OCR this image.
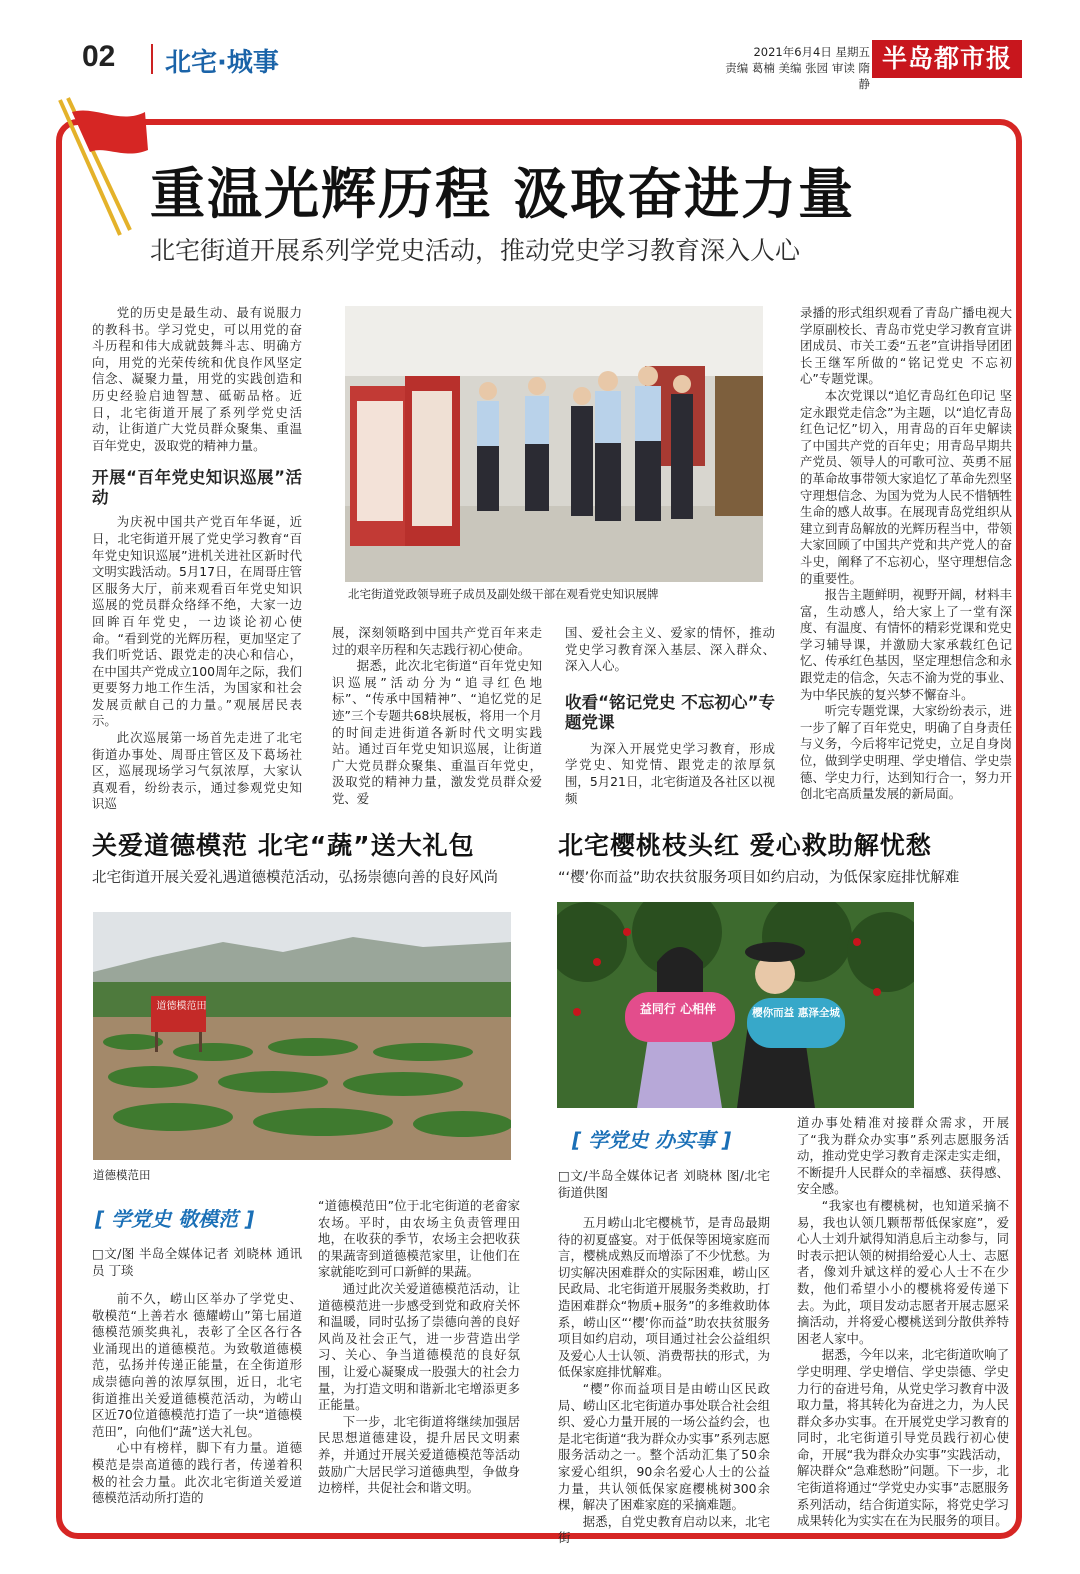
02 北宅·城事	2021年6月4日 星期五
责编 葛楠 美编 张园 审读 隋静
半岛都市报
重温光辉历程 汲取奋进力量
北宅街道开展系列学党史活动，推动党史学习教育深入人心

党的历史是最生动、最有说服力的教科书。学习党史，可以用党的奋斗历程和伟大成就鼓舞斗志、明确方向，用党的光荣传统和优良作风坚定信念、凝聚力量，用党的实践创造和历史经验启迪智慧、砥砺品格。近日，北宅街道开展了系列学党史活动，让街道广大党员群众聚集、重温百年党史，汲取党的精神力量。

开展“百年党史知识巡展”活动

为庆祝中国共产党百年华诞，近日，北宅街道开展了党史学习教育“百年党史知识巡展”进机关进社区新时代文明实践活动。5月17日，在周哥庄管区服务大厅，前来观看百年党史知识巡展的党员群众络绎不绝，大家一边回眸百年党史，一边谈论初心使命。“看到党的光辉历程，更加坚定了我们听党话、跟党走的决心和信心，在中国共产党成立100周年之际，我们更要努力地工作生活，为国家和社会发展贡献自己的力量。”观展居民表示。

此次巡展第一场首先走进了北宅街道办事处、周哥庄管区及下葛场社区，巡展现场学习气氛浓厚，大家认真观看，纷纷表示，通过参观党史知识巡

北宅街道党政领导班子成员及副处级干部在观看党史知识展牌

展，深刻领略到中国共产党百年来走过的艰辛历程和矢志践行初心使命。

据悉，此次北宅街道“百年党史知识巡展”活动分为“追寻红色地标”、“传承中国精神”、“追忆党的足迹”三个专题共68块展板，将用一个月的时间走进街道各新时代文明实践站。通过百年党史知识巡展，让街道广大党员群众聚集、重温百年党史，汲取党的精神力量，激发党员群众爱党、爱

国、爱社会主义、爱家的情怀，推动党史学习教育深入基层、深入群众、深入人心。

收看“铭记党史 不忘初心”专题党课

为深入开展党史学习教育，形成学党史、知党情、跟党走的浓厚氛围，5月21日，北宅街道及各社区以视频

录播的形式组织观看了青岛广播电视大学原副校长、青岛市党史学习教育宣讲团成员、市关工委“五老”宣讲指导团团长王继军所做的“铭记党史 不忘初心”专题党课。

本次党课以“追忆青岛红色印记 坚定永跟党走信念”为主题，以“追忆青岛红色记忆”切入，用青岛的百年史解读了中国共产党的百年史；用青岛早期共产党员、领导人的可歌可泣、英勇不屈的革命故事带领大家追忆了革命先烈坚守理想信念、为国为党为人民不惜牺牲生命的感人故事。在展现青岛党组织从建立到青岛解放的光辉历程当中，带领大家回顾了中国共产党和共产党人的奋斗史，阐释了不忘初心，坚守理想信念的重要性。

报告主题鲜明，视野开阔，材料丰富，生动感人，给大家上了一堂有深度、有温度、有情怀的精彩党课和党史学习辅导课，并激励大家承载红色记忆、传承红色基因，坚定理想信念和永跟党走的信念，矢志不渝为党的事业、为中华民族的复兴梦不懈奋斗。

听完专题党课，大家纷纷表示，进一步了解了百年党史，明确了自身责任与义务，今后将牢记党史，立足自身岗位，做到学史明理、学史增信、学史崇德、学史力行，达到知行合一，努力开创北宅高质量发展的新局面。

关爱道德模范 北宅“蔬”送大礼包
北宅街道开展关爱礼遇道德模范活动，弘扬崇德向善的良好风尚
道德模范田
道德模范田
[ 学党史 敬模范 ]
□文/图 半岛全媒体记者 刘晓林 通讯员 丁琰

前不久，崂山区举办了学党史、敬模范“上善若水 德耀崂山”第七届道德模范颁奖典礼，表彰了全区各行各业涌现出的道德模范。为致敬道德模范，弘扬并传递正能量，在全街道形成崇德向善的浓厚氛围，近日，北宅街道推出关爱道德模范活动，为崂山区近70位道德模范打造了一块“道德模范田”，向他们“蔬”送大礼包。

心中有榜样，脚下有力量。道德模范是崇高道德的践行者，传递着积极的社会力量。此次北宅街道关爱道德模范活动所打造的

“道德模范田”位于北宅街道的老畲家农场。平时，由农场主负责管理田地，在收获的季节，农场主会把收获的果蔬寄到道德模范家里，让他们在家就能吃到可口新鲜的果蔬。

通过此次关爱道德模范活动，让道德模范进一步感受到党和政府关怀和温暖，同时弘扬了崇德向善的良好风尚及社会正气，进一步营造出学习、关心、争当道德模范的良好氛围，让爱心凝聚成一股强大的社会力量，为打造文明和谐新北宅增添更多正能量。

下一步，北宅街道将继续加强居民思想道德建设，提升居民文明素养，并通过开展关爱道德模范等活动鼓励广大居民学习道德典型，争做身边榜样，共促社会和谐文明。

北宅樱桃枝头红 爱心救助解忧愁
“‘樱’你而益”助农扶贫服务项目如约启动，为低保家庭排忧解难
益同行 心相伴	樱你而益 惠泽全城
[ 学党史 办实事 ]
□文/半岛全媒体记者 刘晓林 图/北宅街道供图

五月崂山北宅樱桃节，是青岛最期待的初夏盛宴。对于低保等困境家庭而言，樱桃成熟反而增添了不少忧愁。为切实解决困难群众的实际困难，崂山区民政局、北宅街道开展服务类救助，打造困难群众“物质+服务”的多维救助体系，崂山区“‘樱’你而益”助农扶贫服务项目如约启动，项目通过社会公益组织及爱心人士认领、消费帮扶的形式，为低保家庭排忧解难。

“樱”你而益项目是由崂山区民政局、崂山区北宅街道办事处联合社会组织、爱心力量开展的一场公益约会，也是北宅街道“我为群众办实事”系列志愿服务活动之一。整个活动汇集了50余家爱心组织，90余名爱心人士的公益力量，共认领低保家庭樱桃树300余棵，解决了困难家庭的采摘难题。

据悉，自党史教育启动以来，北宅街

道办事处精准对接群众需求，开展了“我为群众办实事”系列志愿服务活动，推动党史学习教育走深走实走细，不断提升人民群众的幸福感、获得感、安全感。

“我家也有樱桃树，也知道采摘不易，我也认领几颗帮帮低保家庭”，爱心人士刘升斌得知消息后主动参与，同时表示把认领的树捐给爱心人士、志愿者，像刘升斌这样的爱心人士不在少数，他们希望小小的樱桃将爱传递下去。为此，项目发动志愿者开展志愿采摘活动，并将爱心樱桃送到分散供养特困老人家中。

据悉，今年以来，北宅街道吹响了学史明理、学史增信、学史崇德、学史力行的奋进号角，从党史学习教育中汲取力量，将其转化为奋进之力，为人民群众多办实事。在开展党史学习教育的同时，北宅街道引导党员践行初心使命，开展“我为群众办实事”实践活动，解决群众“急难愁盼”问题。下一步，北宅街道将通过“学党史办实事”志愿服务系列活动，结合街道实际，将党史学习成果转化为实实在在为民服务的项目。
